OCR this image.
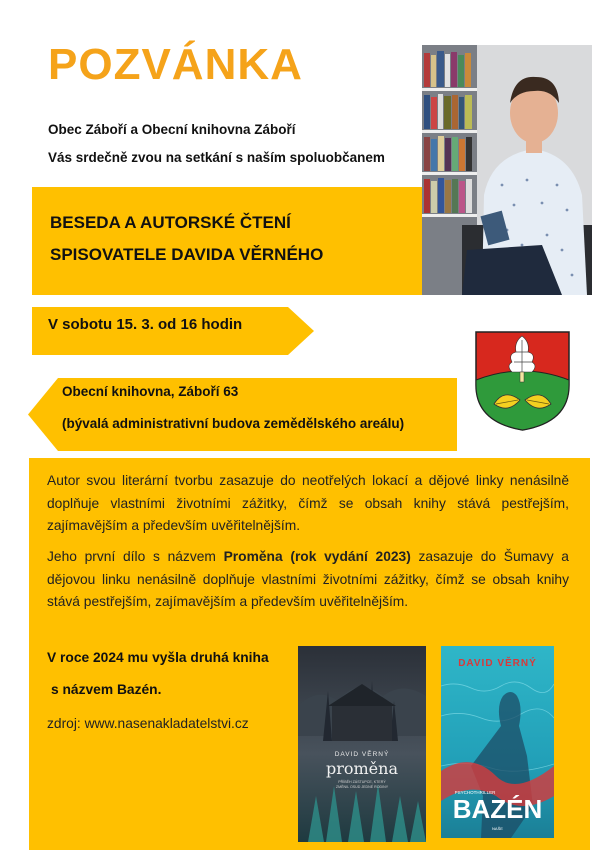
POZVÁNKA
Obec Záboří a Obecní knihovna Záboří
Vás srdečně zvou na setkání s naším spoluobčanem
BESEDA A AUTORSKÉ ČTENÍ
SPISOVATELE DAVIDA VĚRNÉHO
V sobotu 15. 3. od 16 hodin
Obecní knihovna, Záboří 63
(bývalá administrativní budova zemědělského areálu)
Autor svou literární tvorbu zasazuje do neotřelých lokací a dějové linky nenásilně doplňuje vlastními životními zážitky, čímž se obsah knihy stává pestřejším, zajímavějším a především uvěřitelnějším.
Jeho první dílo s názvem Proměna (rok vydání 2023) zasazuje do Šumavy a dějovou linku nenásilně doplňuje vlastními životními zážitky, čímž se obsah knihy stává pestřejším, zajímavějším a především uvěřitelnějším.
V roce 2024 mu vyšla druhá kniha
s názvem Bazén.
zdroj: www.nasenakladatelstvi.cz
DAVID VĚRNÝ
proměna
PŘÍBĚH ZÁSTUPCE, KTERÝ
ZMĚNIL OSUD JEDNÉ RODINY
DAVID VĚRNÝ
PSYCHOTHRILLER
BAZÉN
NAŠE
